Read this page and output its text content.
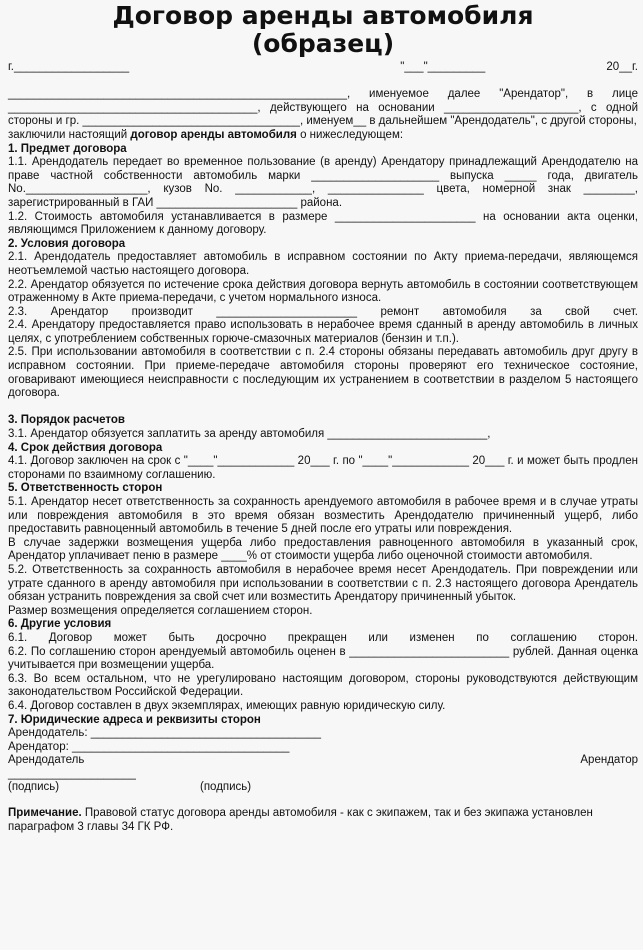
Договор аренды автомобиля
(образец)
г.__________________	"___"_________	20__г.

_____________________________________________________, именуемое далее "Арендатор", в лице _______________________________________, действующего на основании _____________________, с одной стороны и гр. __________________________________, именуем__ в дальнейшем "Арендодатель", с другой стороны,

заключили настоящий договор аренды автомобиля о нижеследующем:

1. Предмет договора

1.1. Арендодатель передает во временное пользование (в аренду) Арендатору принадлежащий Арендодателю на праве частной собственности автомобиль марки ____________________ выпуска _____ года, двигатель No.___________________, кузов No. ____________, _______________ цвета, номерной знак ________, зарегистрированный в ГАИ ______________________ района.

1.2. Стоимость автомобиля устанавливается в размере ______________________ на основании акта оценки, являющимся Приложением к данному договору.

2. Условия договора

2.1. Арендодатель предоставляет автомобиль в исправном состоянии по Акту приема-передачи, являющемся неотъемлемой частью настоящего договора.

2.2. Арендатор обязуется по истечение срока действия договора вернуть автомобиль в состоянии соответствующем отраженному в Акте приема-передачи, с учетом нормального износа.

2.3. Арендатор производит ______________________ ремонт автомобиля за свой счет.

2.4. Арендатору предоставляется право использовать в нерабочее время сданный в аренду автомобиль в личных целях, с употреблением собственных горюче-смазочных материалов (бензин и т.п.).

2.5. При использовании автомобиля в соответствии с п. 2.4 стороны обязаны передавать автомобиль друг другу в исправном состоянии. При приеме-передаче автомобиля стороны проверяют его техническое состояние, оговаривают имеющиеся неисправности с последующим их устранением в соответствии в разделом 5 настоящего договора.

3. Порядок расчетов

3.1. Арендатор обязуется заплатить за аренду автомобиля _________________________,

4. Срок действия договора

4.1. Договор заключен на срок с "____"____________ 20___ г. по "____"____________ 20___ г. и может быть продлен сторонами по взаимному соглашению.

5. Ответственность сторон

5.1. Арендатор несет ответственность за сохранность арендуемого автомобиля в рабочее время и в случае утраты или повреждения автомобиля в это время обязан возместить Арендодателю причиненный ущерб, либо предоставить равноценный автомобиль в течение 5 дней после его утраты или повреждения.

В случае задержки возмещения ущерба либо предоставления равноценного автомобиля в указанный срок, Арендатор уплачивает пеню в размере ____% от стоимости ущерба либо оценочной стоимости автомобиля.

5.2. Ответственность за сохранность автомобиля в нерабочее время несет Арендодатель. При повреждении или утрате сданного в аренду автомобиля при использовании в соответствии с п. 2.3 настоящего договора Арендатель обязан устранить повреждения за свой счет или возместить Арендатору причиненный убыток.

Размер возмещения определяется соглашением сторон.

6. Другие условия

6.1. Договор может быть досрочно прекращен или изменен по соглашению сторон.

6.2. По соглашению сторон арендуемый автомобиль оценен в _________________________ рублей. Данная оценка учитывается при возмещении ущерба.

6.3. Во всем остальном, что не урегулировано настоящим договором, стороны руководствуются действующим законодательством Российской Федерации.

6.4. Договор составлен в двух экземплярах, имеющих равную юридическую силу.

7. Юридические адреса и реквизиты сторон

Арендодатель: ____________________________________

Арендатор: __________________________________

Арендодатель	Арендатор

____________________

(подпись)	(подпись)
Примечание. Правовой статус договора аренды автомобиля - как с экипажем, так и без экипажа установлен параграфом 3 главы 34 ГК РФ.
